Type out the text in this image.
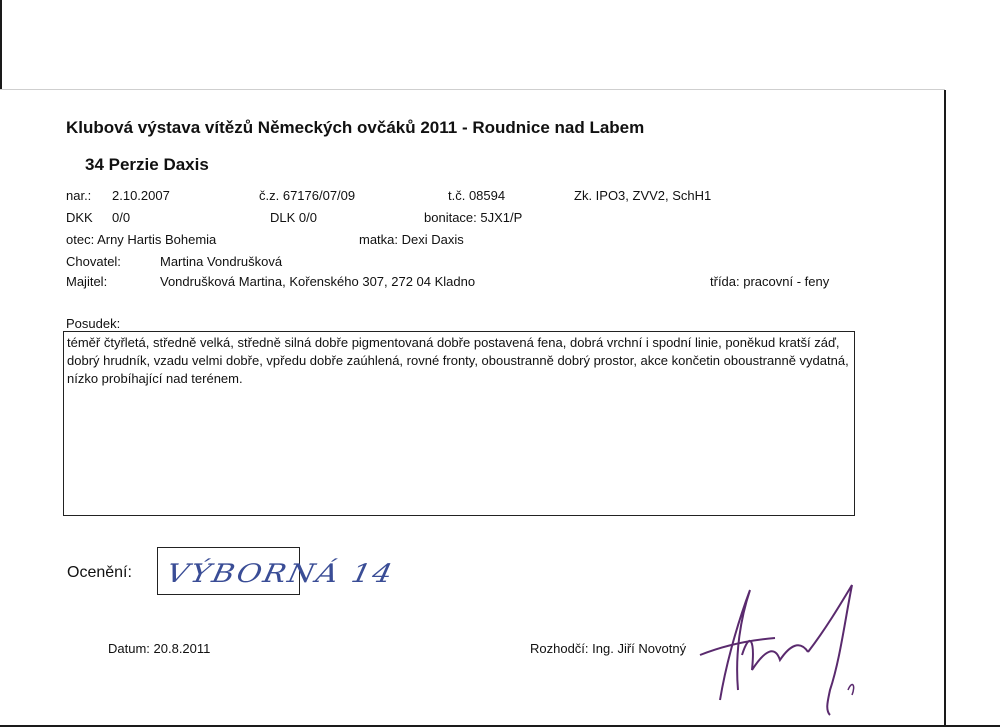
Klubová výstava vítězů Německých ovčáků 2011 - Roudnice nad Labem
34 Perzie Daxis
nar.: 2.10.2007	č.z. 67176/07/09	t.č. 08594	Zk. IPO3, ZVV2, SchH1
DKK 0/0	DLK 0/0	bonitace: 5JX1/P
otec: Arny Hartis Bohemia	matka: Dexi Daxis
Chovatel:	Martina Vondrušková
Majitel:	Vondrušková Martina, Kořenského 307, 272 04 Kladno	třída: pracovní - feny
Posudek:
téměř čtyřletá, středně velká, středně silná dobře pigmentovaná dobře postavená fena, dobrá vrchní i spodní linie, poněkud kratší záď, dobrý hrudník, vzadu velmi dobře, vpředu dobře zaúhlená, rovné fronty, oboustranně dobrý prostor, akce končetin oboustranně vydatná, nízko probíhající nad terénem.
Ocenění: VÝBORNÁ 14
Datum: 20.8.2011	Rozhodčí: Ing. Jiří Novotný
